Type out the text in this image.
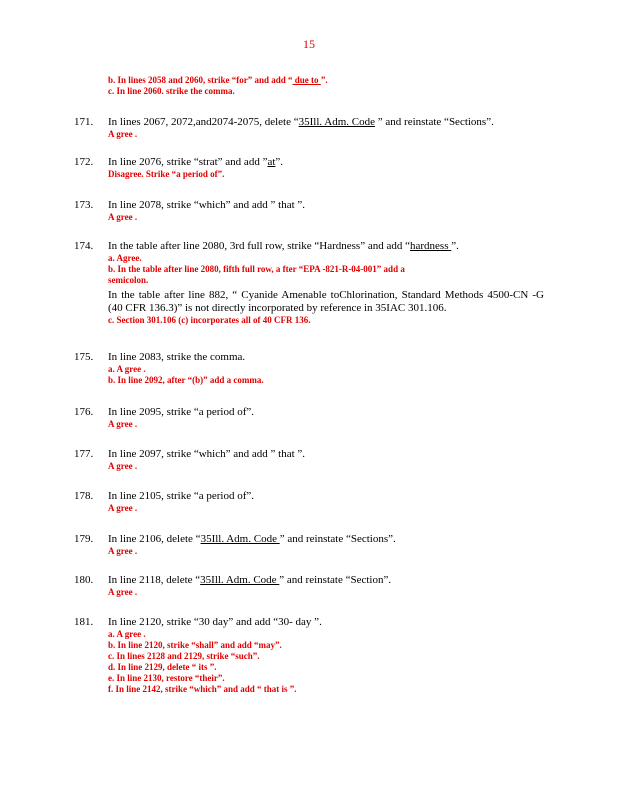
15
b. In lines 2058 and 2060, strike “for” and add “ due to ”.
c. In line 2060. strike the comma.
171. In lines 2067, 2072,and2074-2075, delete “35Ill. Adm. Code ” and reinstate “Sections”.
A gree .
172. In line 2076, strike “strat” and add ”at”.
Disagree. Strike “a period of”.
173. In line 2078, strike “which” and add ” that ”.
A gree .
174. In the table after line 2080, 3rd full row, strike “Hardness” and add “hardness ”.
a. Agree.
b. In the table after line 2080, fifth full row, a fter “EPA -821-R-04-001” add a
semicolon.
In the table after line 882, “ Cyanide Amenable toChlorination, Standard Methods 4500-CN -G (40 CFR 136.3)” is not directly incorporated by reference in 35IAC 301.106.
c. Section 301.106 (c) incorporates all of 40 CFR 136.
175. In line 2083, strike the comma.
a. A gree .
b. In line 2092, after “(b)” add a comma.
176. In line 2095, strike “a period of”.
A gree .
177. In line 2097, strike “which” and add ” that ”.
A gree .
178. In line 2105, strike “a period of”.
A gree .
179. In line 2106, delete “35Ill. Adm. Code ” and reinstate “Sections”.
A gree .
180. In line 2118, delete “35Ill. Adm. Code ” and reinstate “Section”.
A gree .
181. In line 2120, strike “30 day” and add “30- day ”.
a. A gree .
b. In line 2120, strike “shall” and add “may”.
c. In lines 2128 and 2129, strike “such”.
d. In line 2129, delete “ its ”.
e. In line 2130, restore “their”.
f. In line 2142, strike “which” and add “ that is ”.
